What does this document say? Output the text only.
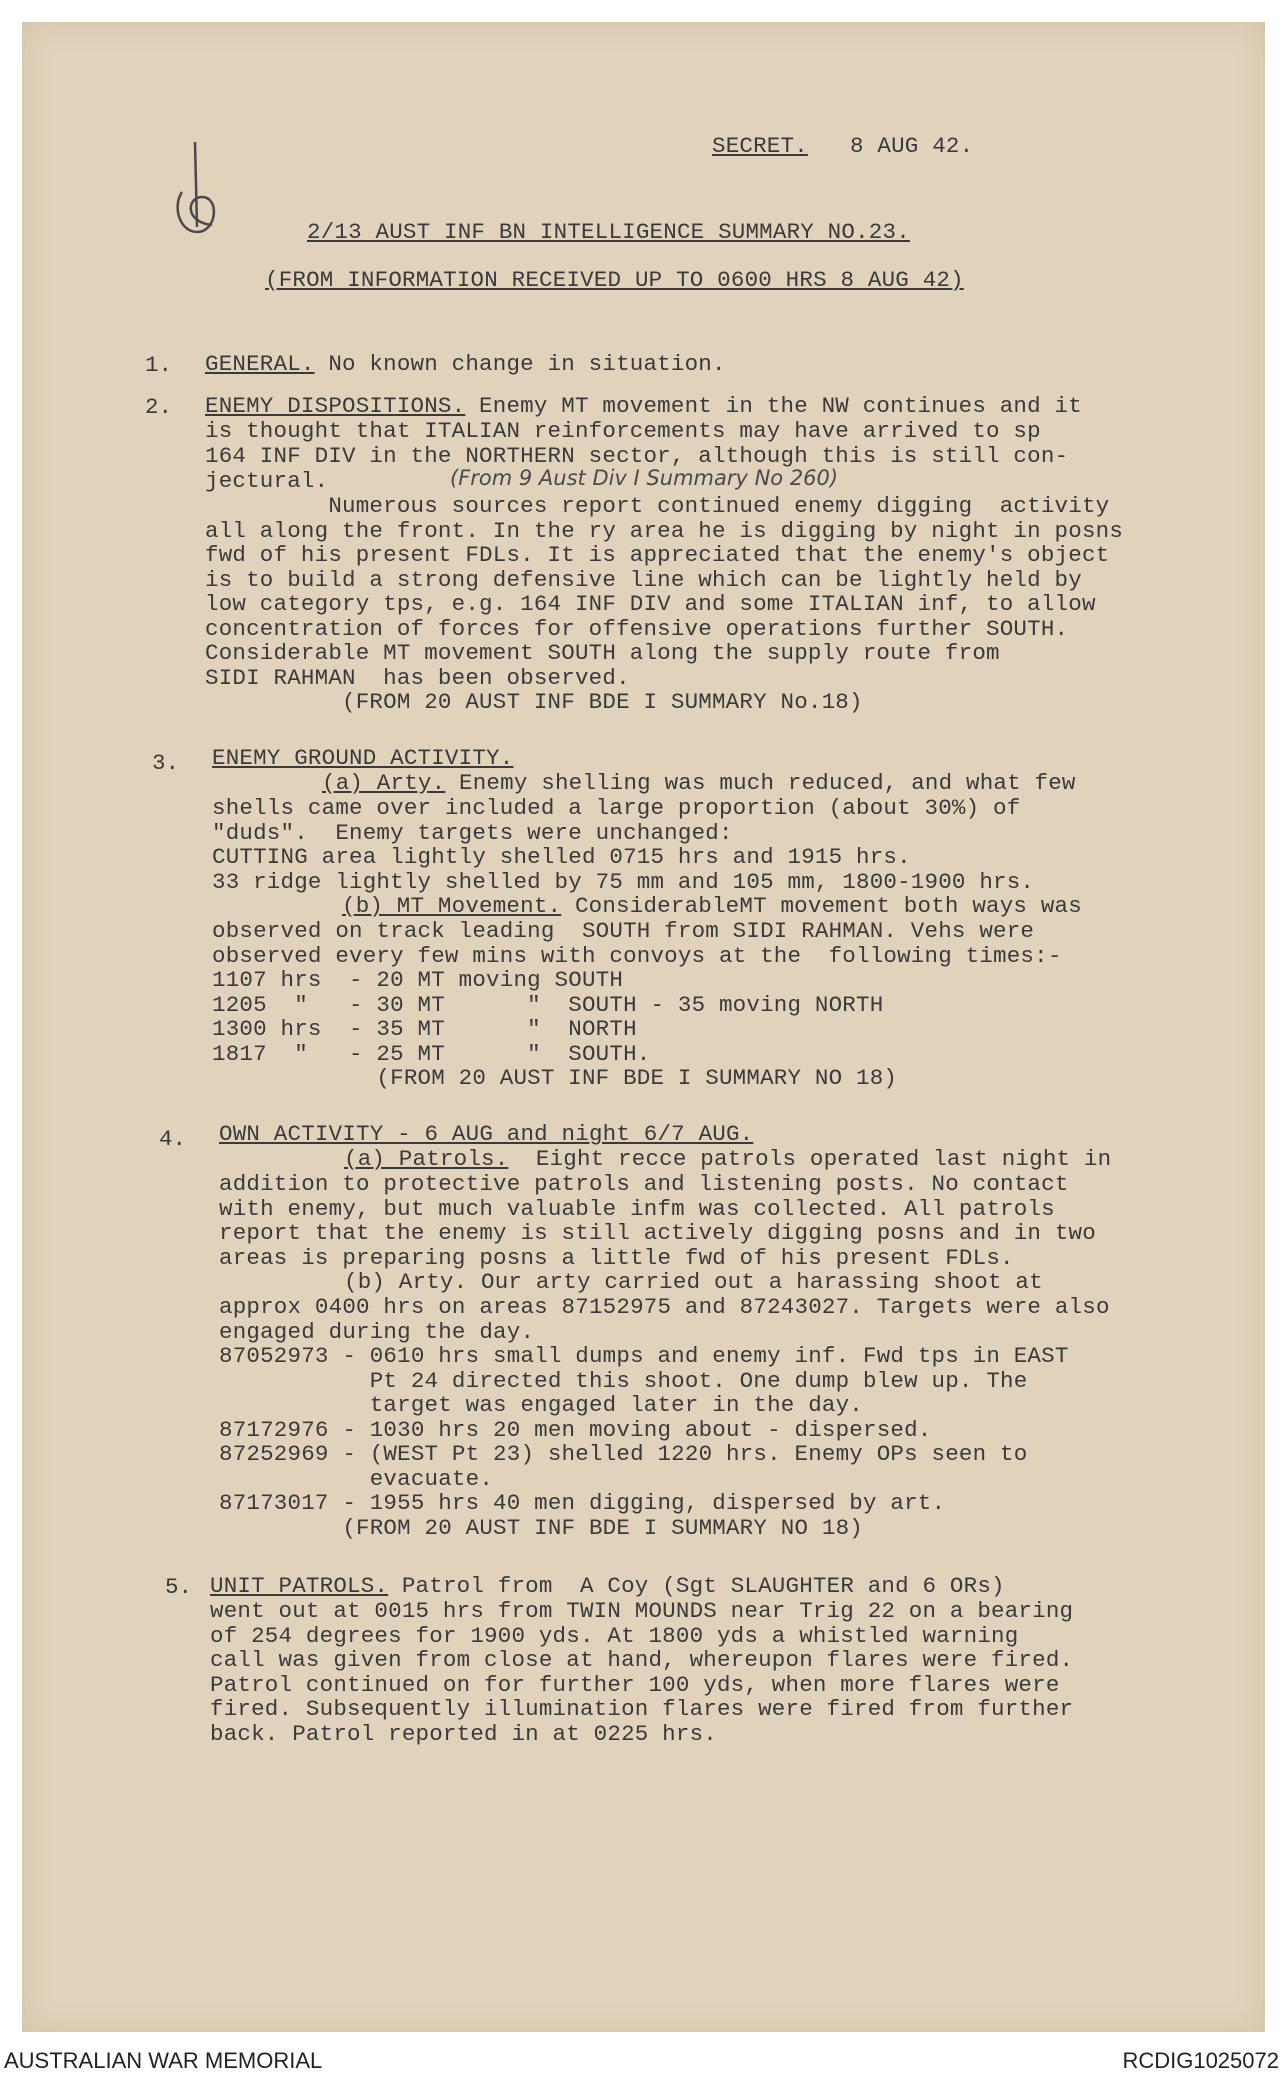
SECRET. 8 AUG 42.
2/13 AUST INF BN INTELLIGENCE SUMMARY NO.23.
(FROM INFORMATION RECEIVED UP TO 0600 HRS 8 AUG 42)
1. GENERAL. No known change in situation.
2. ENEMY DISPOSITIONS. Enemy MT movement in the NW continues and it
is thought that ITALIAN reinforcements may have arrived to sp
164 INF DIV in the NORTHERN sector, although this is still con-
jectural.	(From 9 Aust Div I Summary No 260)
Numerous sources report continued enemy digging  activity
all along the front. In the ry area he is digging by night in posns
fwd of his present FDLs. It is appreciated that the enemy's object
is to build a strong defensive line which can be lightly held by
low category tps, e.g. 164 INF DIV and some ITALIAN inf, to allow
concentration of forces for offensive operations further SOUTH.
Considerable MT movement SOUTH along the supply route from
SIDI RAHMAN  has been observed.
(FROM 20 AUST INF BDE I SUMMARY No.18)
3. ENEMY GROUND ACTIVITY.
(a) Arty. Enemy shelling was much reduced, and what few
shells came over included a large proportion (about 30%) of
"duds".  Enemy targets were unchanged:
CUTTING area lightly shelled 0715 hrs and 1915 hrs.
33 ridge lightly shelled by 75 mm and 105 mm, 1800-1900 hrs.
(b) MT Movement. ConsiderableMT movement both ways was
observed on track leading  SOUTH from SIDI RAHMAN. Vehs were
observed every few mins with convoys at the  following times:-
1107 hrs  - 20 MT moving SOUTH
1205  "   - 30 MT      "  SOUTH - 35 moving NORTH
1300 hrs  - 35 MT      "  NORTH
1817  "   - 25 MT      "  SOUTH.
(FROM 20 AUST INF BDE I SUMMARY NO 18)
4. OWN ACTIVITY - 6 AUG and night 6/7 AUG.
(a) Patrols.  Eight recce patrols operated last night in
addition to protective patrols and listening posts. No contact
with enemy, but much valuable infm was collected. All patrols
report that the enemy is still actively digging posns and in two
areas is preparing posns a little fwd of his present FDLs.
(b) Arty. Our arty carried out a harassing shoot at
approx 0400 hrs on areas 87152975 and 87243027. Targets were also
engaged during the day.
87052973 - 0610 hrs small dumps and enemy inf. Fwd tps in EAST
Pt 24 directed this shoot. One dump blew up. The
target was engaged later in the day.
87172976 - 1030 hrs 20 men moving about - dispersed.
87252969 - (WEST Pt 23) shelled 1220 hrs. Enemy OPs seen to
evacuate.
87173017 - 1955 hrs 40 men digging, dispersed by art.
(FROM 20 AUST INF BDE I SUMMARY NO 18)
5. UNIT PATROLS. Patrol from  A Coy (Sgt SLAUGHTER and 6 ORs)
went out at 0015 hrs from TWIN MOUNDS near Trig 22 on a bearing
of 254 degrees for 1900 yds. At 1800 yds a whistled warning
call was given from close at hand, whereupon flares were fired.
Patrol continued on for further 100 yds, when more flares were
fired. Subsequently illumination flares were fired from further
back. Patrol reported in at 0225 hrs.
AUSTRALIAN WAR MEMORIAL	RCDIG1025072
